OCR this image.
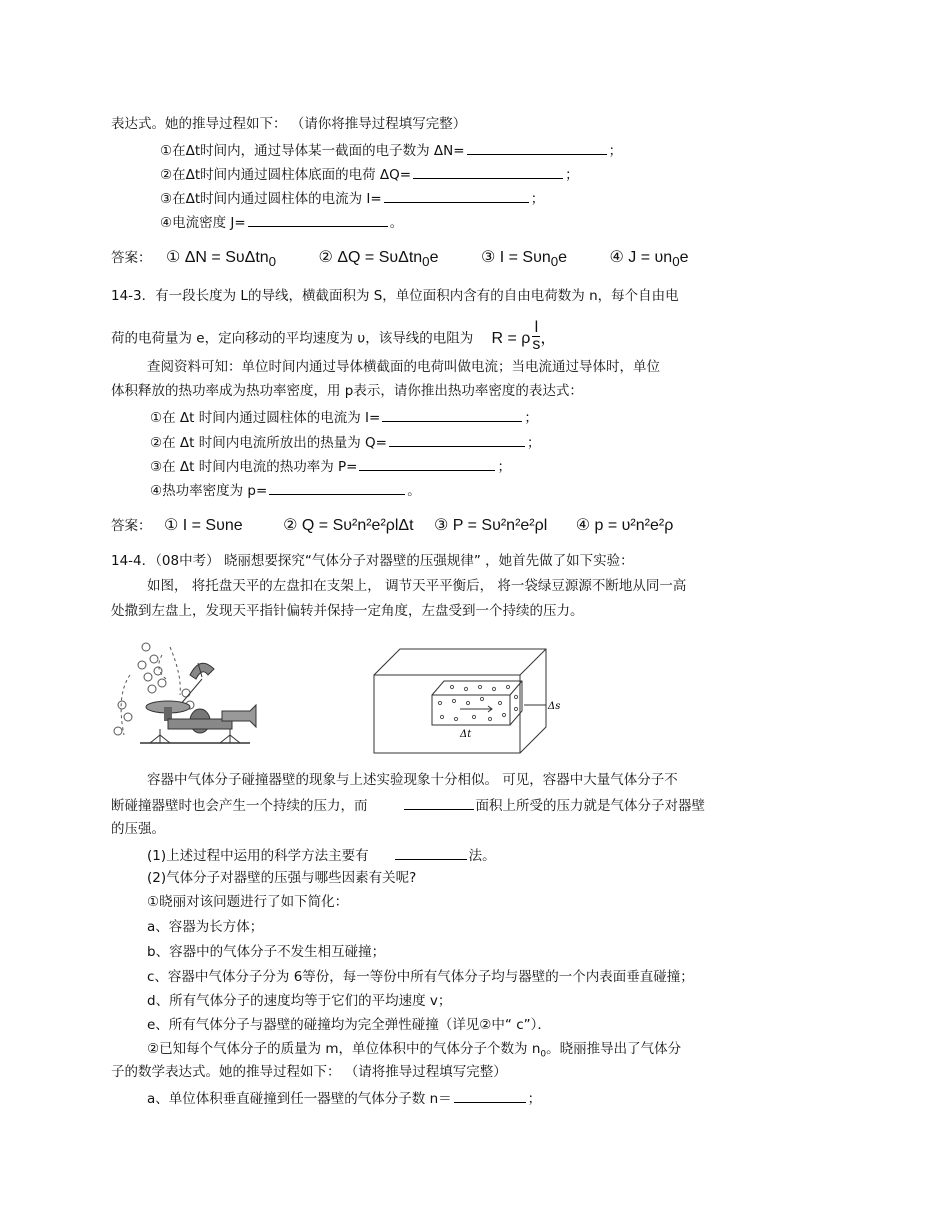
表达式。她的推导过程如下： （请你将推导过程填写完整）
①在Δt时间内，通过导体某一截面的电子数为 ΔN=	；
②在Δt时间内通过圆柱体底面的电荷 ΔQ=	；
③在Δt时间内通过圆柱体的电流为 I=	；
④电流密度 J=	。
答案： ① ΔN = SυΔtn$_0$	② ΔQ = SυΔtn$_0$e	③ I = Sυn$_0$e	④ $J = \upsilon n_0e$
14-3．有一段长度为 L的导线，横截面积为 S，单位面积内含有的自由电荷数为 n，每个自由电
荷的电荷量为 e，定向移动的平均速度为 υ，该导线的电阻为 R = ρ $\frac{l}{s}$ ，
查阅资料可知：单位时间内通过导体横截面的电荷叫做电流；当电流通过导体时，单位
体积释放的热功率成为热功率密度，用 p表示，请你推出热功率密度的表达式：
①在 Δt 时间内通过圆柱体的电流为 I=	；
②在 Δt 时间内电流所放出的热量为 Q=	；
③在 Δt 时间内电流的热功率为 P=	；
④热功率密度为 p=	。
答案： ① I = Sυne	② Q = Sυ²n²e²ρlΔt ③ P = Sυ²n²e²ρl ④ p = υ²n²e²ρ
14-4．（08中考） 晓丽想要探究“气体分子对器壁的压强规律” ，她首先做了如下实验：
如图， 将托盘天平的左盘扣在支架上， 调节天平平衡后， 将一袋绿豆源源不断地从同一高
处撒到左盘上，发现天平指针偏转并保持一定角度，左盘受到一个持续的压力。
Δs
Δt
容器中气体分子碰撞器壁的现象与上述实验现象十分相似。 可见，容器中大量气体分子不
断碰撞器壁时也会产生一个持续的压力，而	面积上所受的压力就是气体分子对器壁
的压强。
(1)上述过程中运用的科学方法主要有	法。
(2)气体分子对器壁的压强与哪些因素有关呢?
①晓丽对该问题进行了如下简化：
a、容器为长方体；
b、容器中的气体分子不发生相互碰撞；
c、容器中气体分子分为 6等份，每一等份中所有气体分子均与器壁的一个内表面垂直碰撞；
d、所有气体分子的速度均等于它们的平均速度 v；
e、所有气体分子与器壁的碰撞均为完全弹性碰撞（详见②中“ c”）．
②已知每个气体分子的质量为 m，单位体积中的气体分子个数为 $n_0$。晓丽推导出了气体分
子的数学表达式。她的推导过程如下： （请将推导过程填写完整）
a、单位体积垂直碰撞到任一器壁的气体分子数 n＝	；
